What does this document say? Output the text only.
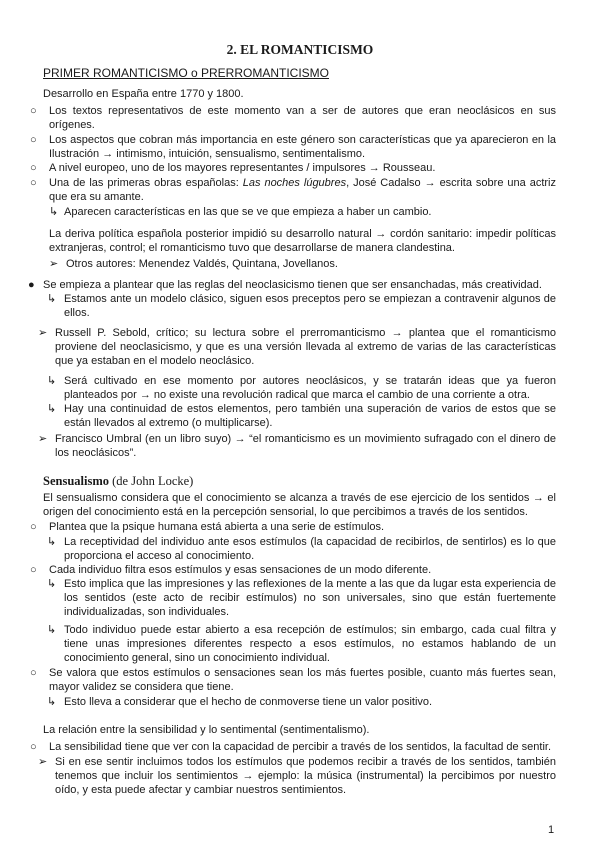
2. EL ROMANTICISMO
PRIMER ROMANTICISMO o PRERROMANTICISMO
Desarrollo en España entre 1770 y 1800.
○ Los textos representativos de este momento van a ser de autores que eran neoclásicos en sus orígenes.
○ Los aspectos que cobran más importancia en este género son características que ya aparecieron en la Ilustración → intimismo, intuición, sensualismo, sentimentalismo.
○ A nivel europeo, uno de los mayores representantes / impulsores → Rousseau.
○ Una de las primeras obras españolas: Las noches lúgubres, José Cadalso → escrita sobre una actriz que era su amante.
↳ Aparecen características en las que se ve que empieza a haber un cambio.
La deriva política española posterior impidió su desarrollo natural → cordón sanitario: impedir políticas extranjeras, control; el romanticismo tuvo que desarrollarse de manera clandestina.
➢ Otros autores: Menendez Valdés, Quintana, Jovellanos.
● Se empieza a plantear que las reglas del neoclasicismo tienen que ser ensanchadas, más creatividad.
↳ Estamos ante un modelo clásico, siguen esos preceptos pero se empiezan a contravenir algunos de ellos.
➢ Russell P. Sebold, crítico; su lectura sobre el prerromanticismo → plantea que el romanticismo proviene del neoclasicismo, y que es una versión llevada al extremo de varias de las características que ya estaban en el modelo neoclásico.
↳ Será cultivado en ese momento por autores neoclásicos, y se tratarán ideas que ya fueron planteados por → no existe una revolución radical que marca el cambio de una corriente a otra.
↳ Hay una continuidad de estos elementos, pero también una superación de varios de estos que se están llevados al extremo (o multiplicarse).
➢ Francisco Umbral (en un libro suyo) → “el romanticismo es un movimiento sufragado con el dinero de los neoclásicos”.
Sensualismo (de John Locke)
El sensualismo considera que el conocimiento se alcanza a través de ese ejercicio de los sentidos → el origen del conocimiento está en la percepción sensorial, lo que percibimos a través de los sentidos.
○ Plantea que la psique humana está abierta a una serie de estímulos.
↳ La receptividad del individuo ante esos estímulos (la capacidad de recibirlos, de sentirlos) es lo que proporciona el acceso al conocimiento.
○ Cada individuo filtra esos estímulos y esas sensaciones de un modo diferente.
↳ Esto implica que las impresiones y las reflexiones de la mente a las que da lugar esta experiencia de los sentidos (este acto de recibir estímulos) no son universales, sino que están fuertemente individualizadas, son individuales.
↳ Todo individuo puede estar abierto a esa recepción de estímulos; sin embargo, cada cual filtra y tiene unas impresiones diferentes respecto a esos estímulos, no estamos hablando de un conocimiento general, sino un conocimiento individual.
○ Se valora que estos estímulos o sensaciones sean los más fuertes posible, cuanto más fuertes sean, mayor validez se considera que tiene.
↳ Esto lleva a considerar que el hecho de conmoverse tiene un valor positivo.
La relación entre la sensibilidad y lo sentimental (sentimentalismo).
○ La sensibilidad tiene que ver con la capacidad de percibir a través de los sentidos, la facultad de sentir.
➢ Si en ese sentir incluimos todos los estímulos que podemos recibir a través de los sentidos, también tenemos que incluir los sentimientos → ejemplo: la música (instrumental) la percibimos por nuestro oído, y esta puede afectar y cambiar nuestros sentimientos.
1
